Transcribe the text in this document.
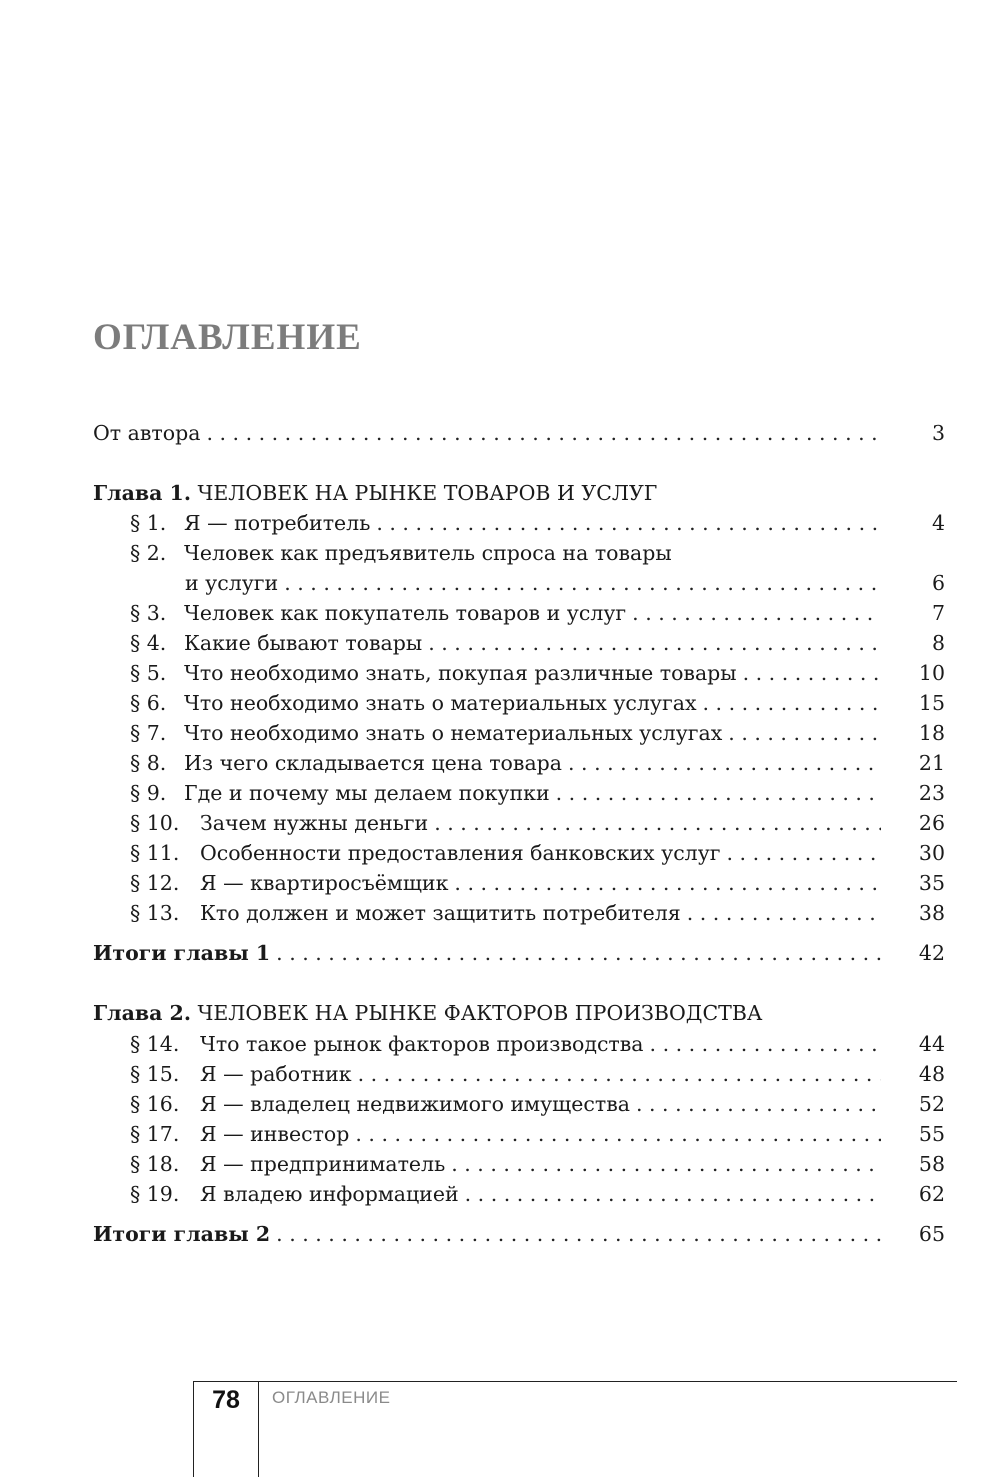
ОГЛАВЛЕНИЕ
От автора . . .	3
Глава 1. ЧЕЛОВЕК НА РЫНКЕ ТОВАРОВ И УСЛУГ
§ 1. Я — потребитель . . .	4
§ 2. Человек как предъявитель спроса на товары
и услуги . . .	6
§ 3. Человек как покупатель товаров и услуг . . .	7
§ 4. Какие бывают товары . . .	8
§ 5. Что необходимо знать, покупая различные товары . . .	10
§ 6. Что необходимо знать о материальных услугах . . .	15
§ 7. Что необходимо знать о нематериальных услугах . . .	18
§ 8. Из чего складывается цена товара . . .	21
§ 9. Где и почему мы делаем покупки . . .	23
§ 10.	Зачем нужны деньги . . .	26
§ 11.	Особенности предоставления банковских услуг . . .	30
§ 12.	Я — квартиросъёмщик . . .	35
§ 13.	Кто должен и может защитить потребителя . . .	38
Итоги главы 1 . . .	42
Глава 2. ЧЕЛОВЕК НА РЫНКЕ ФАКТОРОВ ПРОИЗВОДСТВА
§ 14.	Что такое рынок факторов производства . . .	44
§ 15.	Я — работник . . .	48
§ 16.	Я — владелец недвижимого имущества . . .	52
§ 17.	Я — инвестор . . .	55
§ 18.	Я — предприниматель . . .	58
§ 19.	Я владею информацией . . .	62
Итоги главы 2 . . .	65
78	ОГЛАВЛЕНИЕ
